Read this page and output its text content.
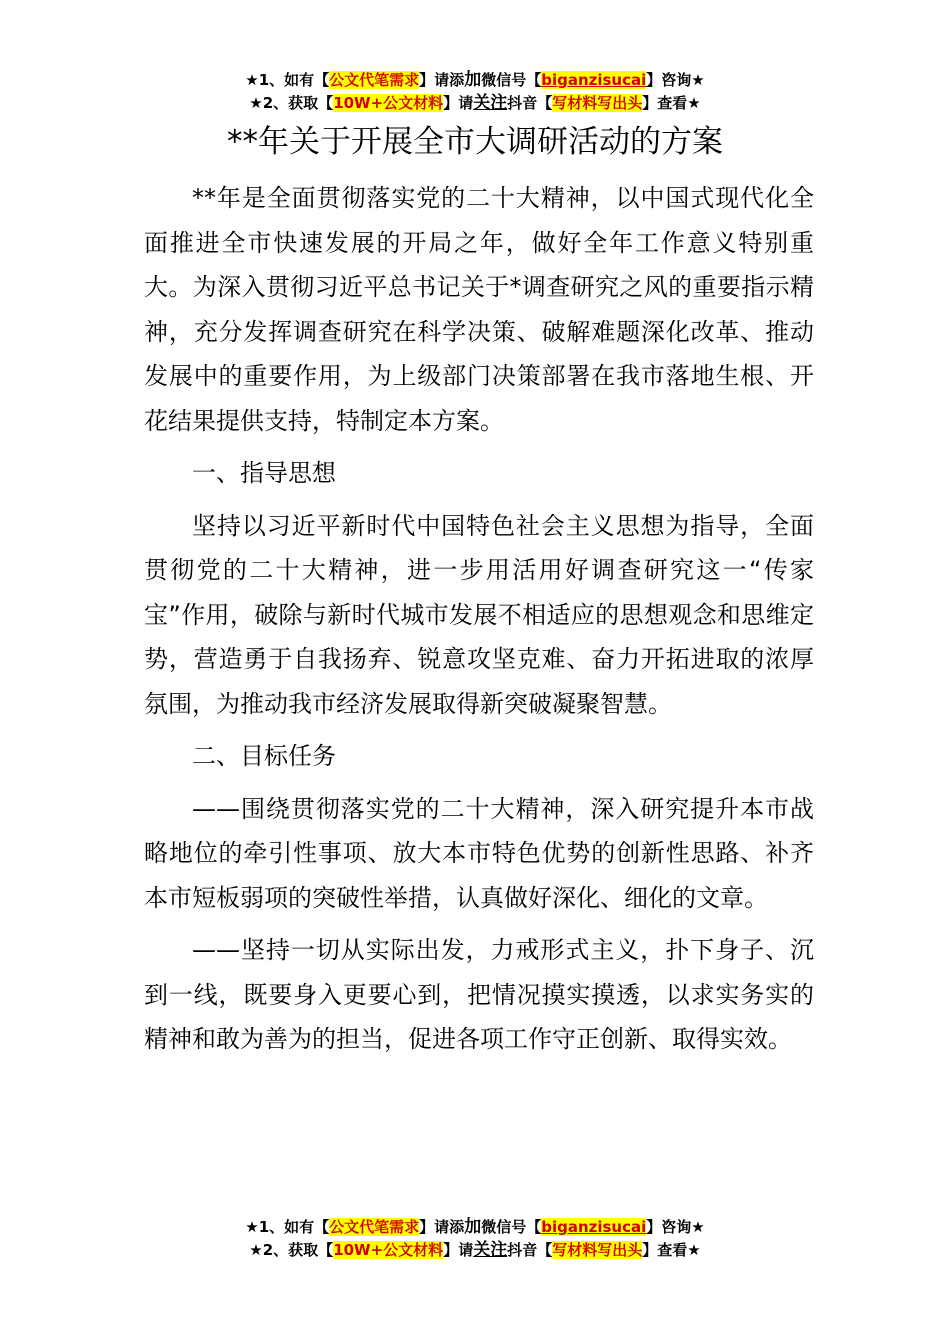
★1、如有【公文代笔需求】请添加微信号【biganzisucai】咨询★
★2、获取【10W+公文材料】请关注抖音【写材料写出头】查看★
**年关于开展全市大调研活动的方案

**年是全面贯彻落实党的二十大精神，以中国式现代化全面推进全市快速发展的开局之年，做好全年工作意义特别重大。为深入贯彻习近平总书记关于*调查研究之风的重要指示精神，充分发挥调查研究在科学决策、破解难题深化改革、推动发展中的重要作用，为上级部门决策部署在我市落地生根、开花结果提供支持，特制定本方案。

一、指导思想

坚持以习近平新时代中国特色社会主义思想为指导，全面贯彻党的二十大精神，进一步用活用好调查研究这一“传家宝”作用，破除与新时代城市发展不相适应的思想观念和思维定势，营造勇于自我扬弃、锐意攻坚克难、奋力开拓进取的浓厚氛围，为推动我市经济发展取得新突破凝聚智慧。

二、目标任务

——围绕贯彻落实党的二十大精神，深入研究提升本市战略地位的牵引性事项、放大本市特色优势的创新性思路、补齐本市短板弱项的突破性举措，认真做好深化、细化的文章。

——坚持一切从实际出发，力戒形式主义，扑下身子、沉到一线，既要身入更要心到，把情况摸实摸透，以求实务实的精神和敢为善为的担当，促进各项工作守正创新、取得实效。

★1、如有【公文代笔需求】请添加微信号【biganzisucai】咨询★
★2、获取【10W+公文材料】请关注抖音【写材料写出头】查看★
